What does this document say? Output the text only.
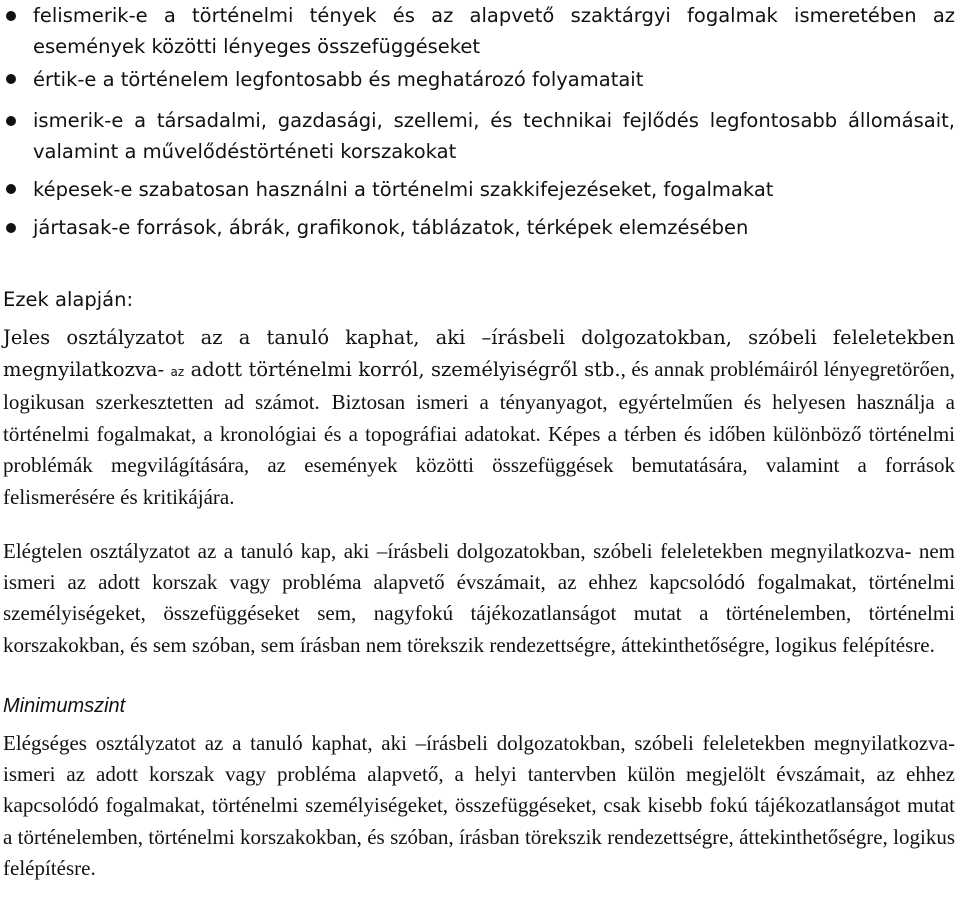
felismerik-e a történelmi tények és az alapvető szaktárgyi fogalmak ismeretében az események közötti lényeges összefüggéseket
értik-e a történelem legfontosabb és meghatározó folyamatait
ismerik-e a társadalmi, gazdasági, szellemi, és technikai fejlődés legfontosabb állomásait, valamint a művelődéstörténeti korszakokat
képesek-e szabatosan használni a történelmi szakkifejezéseket, fogalmakat
jártasak-e források, ábrák, grafikonok, táblázatok, térképek elemzésében
Ezek alapján:
Jeles osztályzatot az a tanuló kaphat, aki –írásbeli dolgozatokban, szóbeli feleletekben megnyilatkozva- az adott történelmi korról, személyiségről stb., és annak problémáiról lényegretörően, logikusan szerkesztetten ad számot. Biztosan ismeri a tényanyagot, egyértelműen és helyesen használja a történelmi fogalmakat, a kronológiai és a topográfiai adatokat. Képes a térben és időben különböző történelmi problémák megvilágítására, az események közötti összefüggések bemutatására, valamint a források felismerésére és kritikájára.
Elégtelen osztályzatot az a tanuló kap, aki –írásbeli dolgozatokban, szóbeli feleletekben megnyilatkozva- nem ismeri az adott korszak vagy probléma alapvető évszámait, az ehhez kapcsolódó fogalmakat, történelmi személyiségeket, összefüggéseket sem, nagyfokú tájékozatlanságot mutat a történelemben, történelmi korszakokban, és sem szóban, sem írásban nem törekszik rendezettségre, áttekinthetőségre, logikus felépítésre.
Minimumszint
Elégséges osztályzatot az a tanuló kaphat, aki –írásbeli dolgozatokban, szóbeli feleletekben megnyilatkozva- ismeri az adott korszak vagy probléma alapvető, a helyi tantervben külön megjelölt évszámait, az ehhez kapcsolódó fogalmakat, történelmi személyiségeket, összefüggéseket, csak kisebb fokú tájékozatlanságot mutat a történelemben, történelmi korszakokban, és szóban, írásban törekszik rendezettségre, áttekinthetőségre, logikus felépítésre.
